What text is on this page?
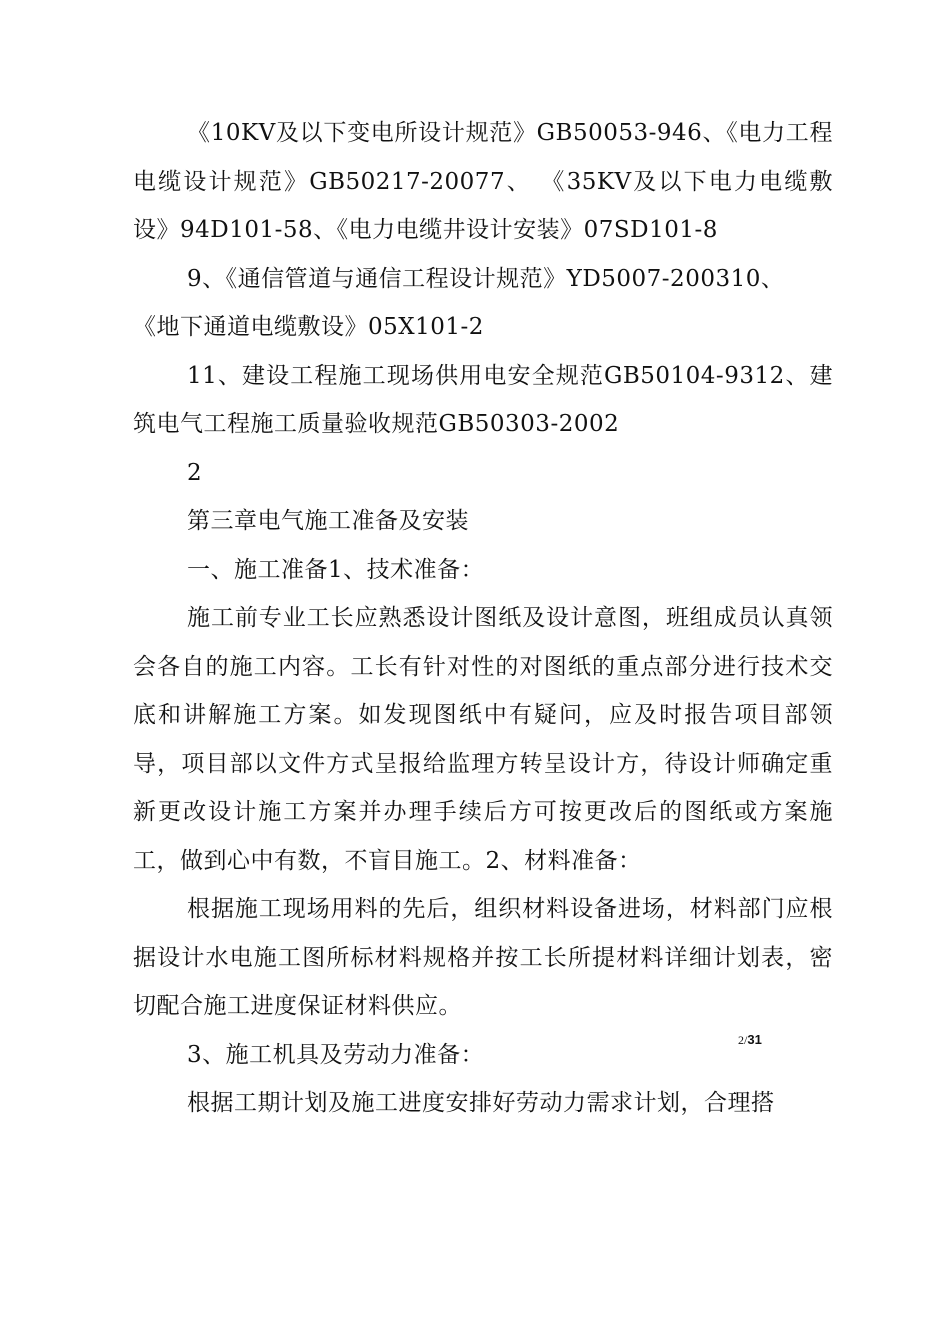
《10KV及以下变电所设计规范》GB50053-946、《电力工程电缆设计规范》GB50217-20077、 《35KV及以下电力电缆敷设》94D101-58、《电力电缆井设计安装》07SD101-8

9、《通信管道与通信工程设计规范》YD5007-200310、

《地下通道电缆敷设》05X101-2

11、建设工程施工现场供用电安全规范GB50104-9312、建筑电气工程施工质量验收规范GB50303-2002

2

第三章电气施工准备及安装

一、施工准备1、技术准备：

施工前专业工长应熟悉设计图纸及设计意图，班组成员认真领会各自的施工内容。工长有针对性的对图纸的重点部分进行技术交底和讲解施工方案。如发现图纸中有疑问，应及时报告项目部领导，项目部以文件方式呈报给监理方转呈设计方，待设计师确定重新更改设计施工方案并办理手续后方可按更改后的图纸或方案施工，做到心中有数，不盲目施工。2、材料准备：

根据施工现场用料的先后，组织材料设备进场，材料部门应根据设计水电施工图所标材料规格并按工长所提材料详细计划表，密切配合施工进度保证材料供应。

3、施工机具及劳动力准备：

根据工期计划及施工进度安排好劳动力需求计划，合理搭

2/31
